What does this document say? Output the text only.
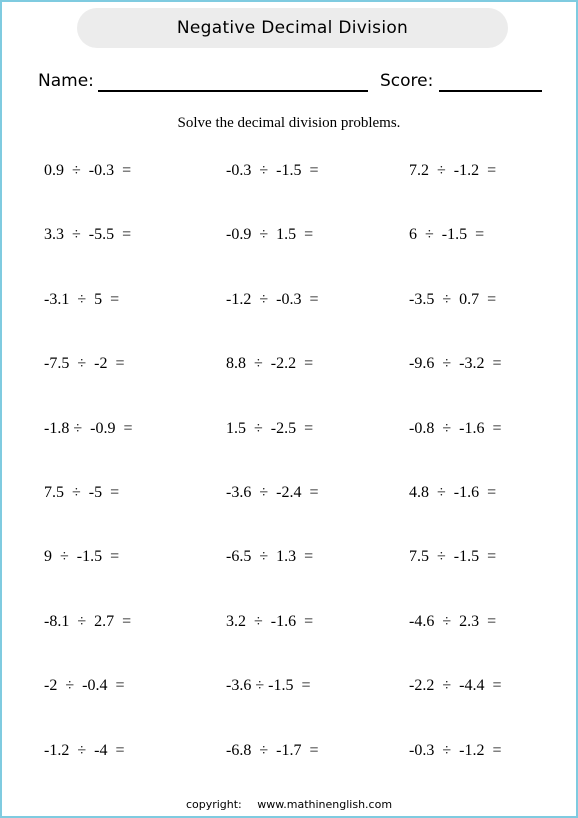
Negative Decimal Division
Name:	Score:
Solve the decimal division problems.
0.9  ÷  -0.3  =
3.3  ÷  -5.5  =
-3.1  ÷  5  =
-7.5  ÷  -2  =
-1.8 ÷  -0.9  =
7.5  ÷  -5  =
9  ÷  -1.5  =
-8.1  ÷  2.7  =
-2  ÷  -0.4  =
-1.2  ÷  -4  =
-0.3  ÷  -1.5  =
-0.9  ÷  1.5  =
-1.2  ÷  -0.3  =
8.8  ÷  -2.2  =
1.5  ÷  -2.5  =
-3.6  ÷  -2.4  =
-6.5  ÷  1.3  =
3.2  ÷  -1.6  =
-3.6 ÷ -1.5  =
-6.8  ÷  -1.7  =
7.2  ÷  -1.2  =
6  ÷  -1.5  =
-3.5  ÷  0.7  =
-9.6  ÷  -3.2  =
-0.8  ÷  -1.6  =
4.8  ÷  -1.6  =
7.5  ÷  -1.5  =
-4.6  ÷  2.3  =
-2.2  ÷  -4.4  =
-0.3  ÷  -1.2  =
copyright: www.mathinenglish.com
